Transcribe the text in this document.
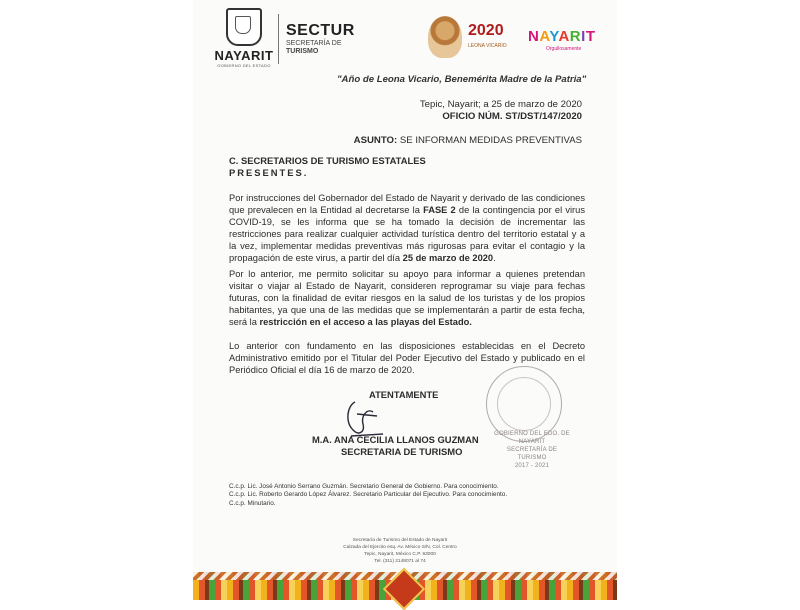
NAYARIT
GOBIERNO DEL ESTADO
SECTUR
SECRETARÍA DE
TURISMO
2020
LEONA VICARIO
NAYARIT
Orgullosamente
"Año de Leona Vicario, Benemérita Madre de la Patria"
Tepic, Nayarit; a 25 de marzo de 2020
OFICIO NÚM. ST/DST/147/2020
ASUNTO: SE INFORMAN MEDIDAS PREVENTIVAS
C. SECRETARIOS DE TURISMO ESTATALES
PRESENTES.
Por instrucciones del Gobernador del Estado de Nayarit y derivado de las condiciones que prevalecen en la Entidad al decretarse la FASE 2 de la contingencia por el virus COVID-19, se les informa que se ha tomado la decisión de incrementar las restricciones para realizar cualquier actividad turística dentro del territorio estatal y a la vez, implementar medidas preventivas más rigurosas para evitar el contagio y la propagación de este virus, a partir del día 25 de marzo de 2020.
Por lo anterior, me permito solicitar su apoyo para informar a quienes pretendan visitar o viajar al Estado de Nayarit, consideren reprogramar su viaje para fechas futuras, con la finalidad de evitar riesgos en la salud de los turistas y de los propios habitantes, ya que una de las medidas que se implementarán a partir de esta fecha, será la restricción en el acceso a las playas del Estado.
Lo anterior con fundamento en las disposiciones establecidas en el Decreto Administrativo emitido por el Titular del Poder Ejecutivo del Estado y publicado en el Periódico Oficial el día 16 de marzo de 2020.
ATENTAMENTE
GOBIERNO DEL EDO. DE NAYARIT
SECRETARÍA DE TURISMO
2017 - 2021
M.A. ANA CECILIA LLANOS GUZMAN
SECRETARIA DE TURISMO
C.c.p. Lic. José Antonio Serrano Guzmán. Secretario General de Gobierno. Para conocimiento.
C.c.p. Lic. Roberto Gerardo López Álvarez. Secretario Particular del Ejecutivo. Para conocimiento.
C.c.p. Minutario.
Secretaría de Turismo del Estado de Nayarit
Calzada del Ejercito esq. Av. México S/N, Col. Centro
Tepic, Nayarit, México C.P. 63000
Tel. (311) 2148071 al 74
